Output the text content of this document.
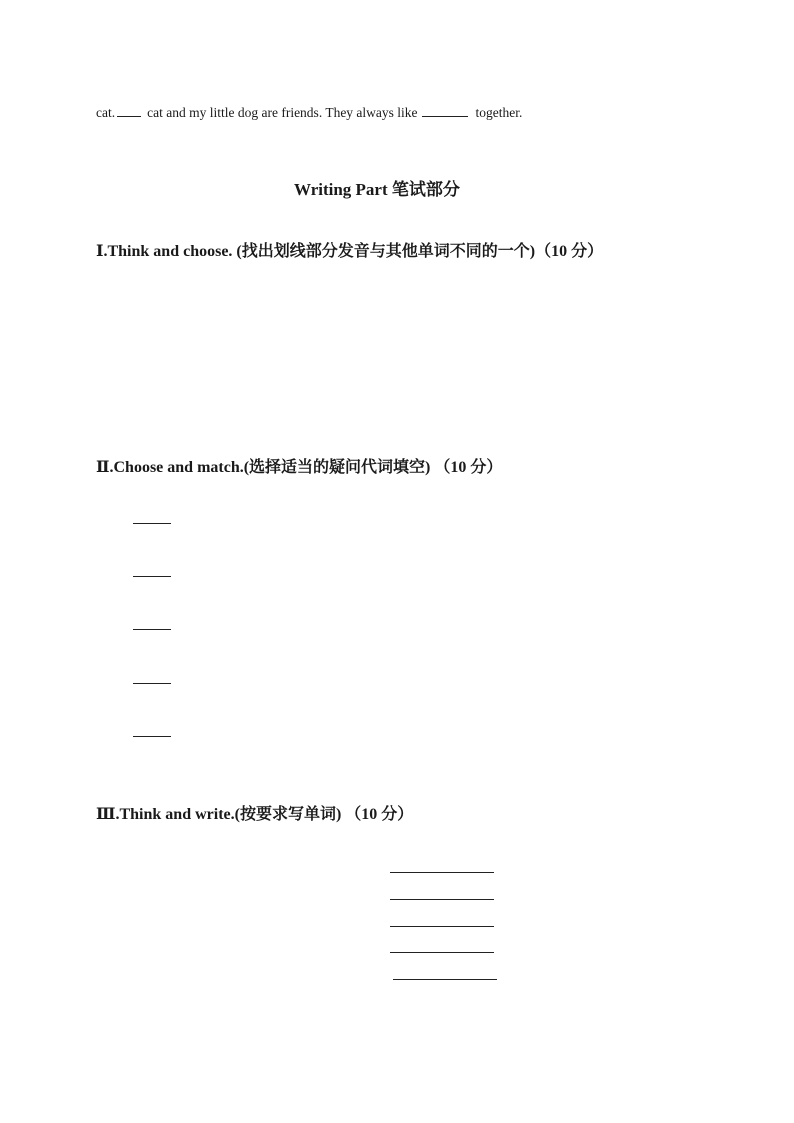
cat. cat and my little dog are friends. They always like	together.
Writing Part 笔试部分
Ⅰ.Think and choose. (找出划线部分发音与其他单词不同的一个)（10 分）
Ⅱ.Choose and match.(选择适当的疑问代词填空) （10 分）
Ⅲ.Think and write.(按要求写单词) （10 分）
